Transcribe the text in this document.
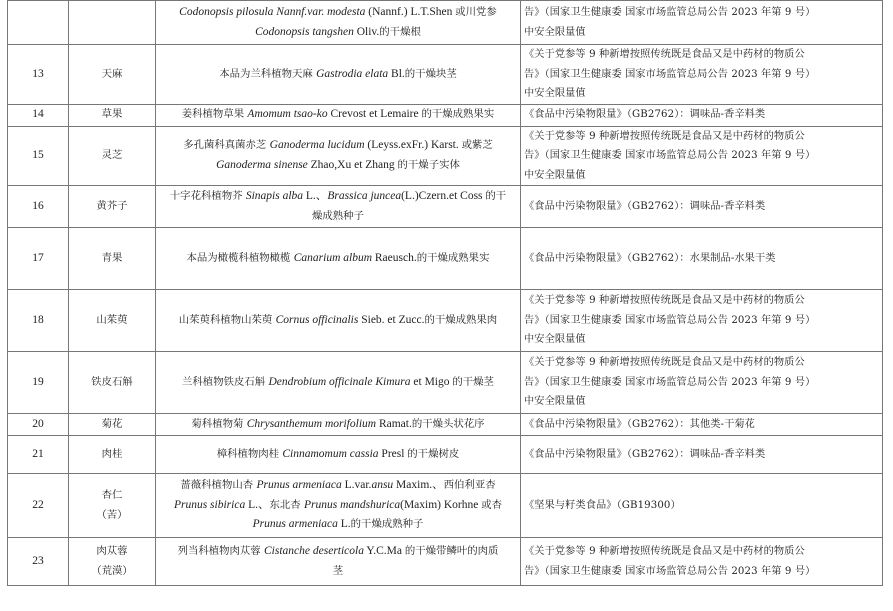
		Codonopsis pilosula Nannf.var. modesta (Nannf.) L.T.Shen 或川党参
Codonopsis tangshen Oliv.的干燥根	告》（国家卫生健康委 国家市场监管总局公告 2023 年第 9 号）
中安全限量值

13	天麻	本品为兰科植物天麻 Gastrodia elata Bl.的干燥块茎	《关于党参等 9 种新增按照传统既是食品又是中药材的物质公
告》（国家卫生健康委 国家市场监管总局公告 2023 年第 9 号）
中安全限量值

14	草果	姜科植物草果 Amomum tsao-ko Crevost et Lemaire 的干燥成熟果实	《食品中污染物限量》（GB2762）：调味品-香辛料类

15	灵芝	多孔菌科真菌赤芝 Ganoderma lucidum (Leyss.exFr.) Karst. 或紫芝
Ganoderma sinense Zhao,Xu et Zhang 的干燥子实体	《关于党参等 9 种新增按照传统既是食品又是中药材的物质公
告》（国家卫生健康委 国家市场监管总局公告 2023 年第 9 号）
中安全限量值

16	黄芥子	十字花科植物芥 Sinapis alba L.、Brassica juncea(L.)Czern.et Coss 的干
燥成熟种子	《食品中污染物限量》（GB2762）：调味品-香辛料类

17	青果	本品为橄榄科植物橄榄 Canarium album Raeusch.的干燥成熟果实	《食品中污染物限量》（GB2762）：水果制品-水果干类

18	山茱萸	山茱萸科植物山茱萸 Cornus officinalis Sieb. et Zucc.的干燥成熟果肉	《关于党参等 9 种新增按照传统既是食品又是中药材的物质公
告》（国家卫生健康委 国家市场监管总局公告 2023 年第 9 号）
中安全限量值

19	铁皮石斛	兰科植物铁皮石斛 Dendrobium officinale Kimura et Migo 的干燥茎	《关于党参等 9 种新增按照传统既是食品又是中药材的物质公
告》（国家卫生健康委 国家市场监管总局公告 2023 年第 9 号）
中安全限量值

20	菊花	菊科植物菊 Chrysanthemum morifolium Ramat.的干燥头状花序	《食品中污染物限量》（GB2762）：其他类-干菊花

21	肉桂	樟科植物肉桂 Cinnamomum cassia Presl 的干燥树皮	《食品中污染物限量》（GB2762）：调味品-香辛料类

22	杏仁
（苦）	蔷薇科植物山杏 Prunus armeniaca L.var.ansu Maxim.、西伯利亚杏
Prunus sibirica L.、东北杏 Prunus mandshurica(Maxim) Korhne 或杏
Prunus armeniaca L.的干燥成熟种子	《坚果与籽类食品》（GB19300）

23	肉苁蓉
（荒漠）	列当科植物肉苁蓉 Cistanche deserticola Y.C.Ma 的干燥带鳞叶的肉质
茎	《关于党参等 9 种新增按照传统既是食品又是中药材的物质公
告》（国家卫生健康委 国家市场监管总局公告 2023 年第 9 号）
